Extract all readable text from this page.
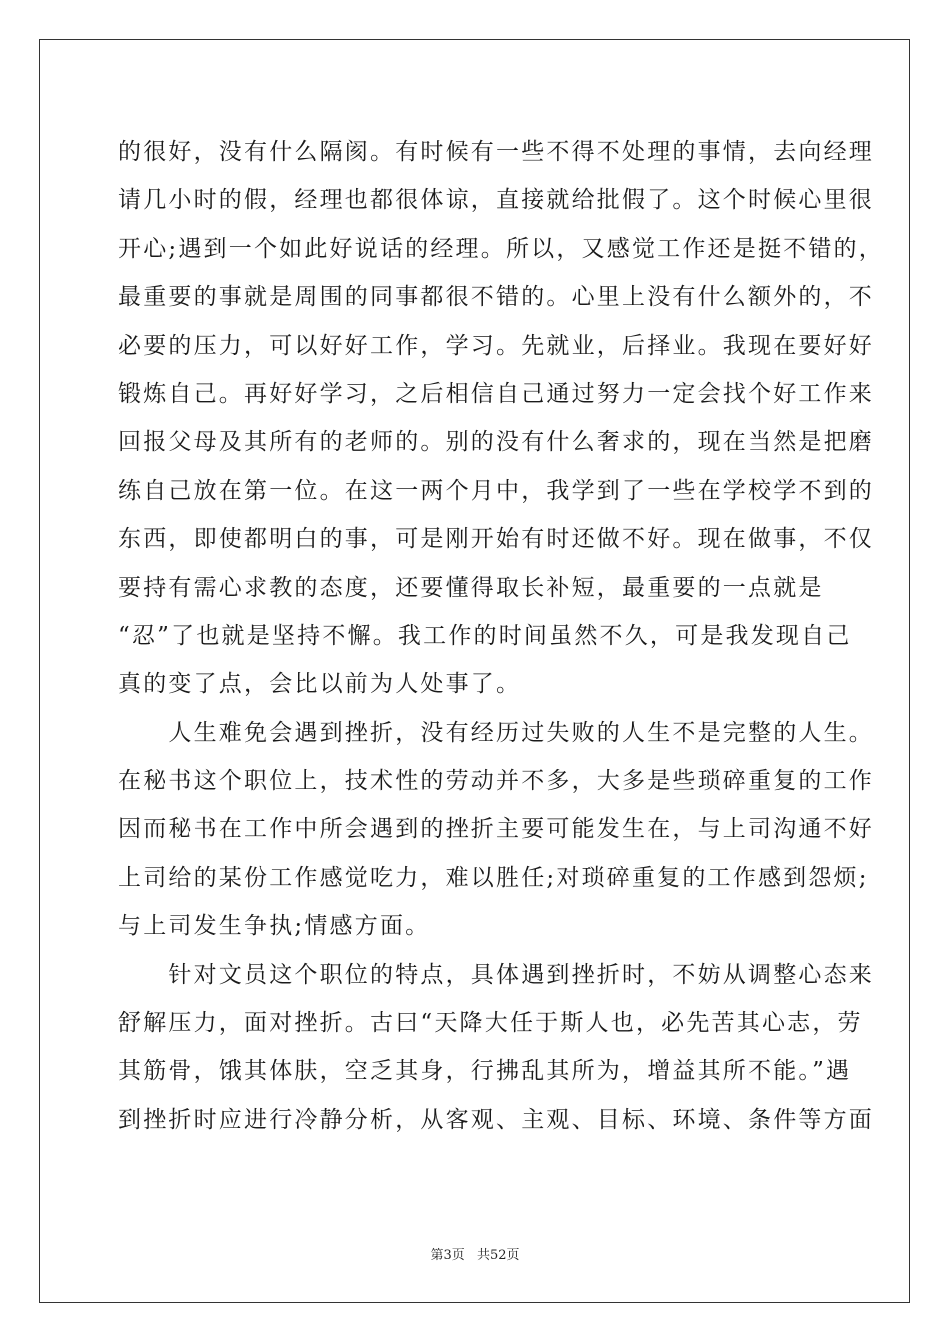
的很好，没有什么隔阂。有时候有一些不得不处理的事情，去向经理
请几小时的假，经理也都很体谅，直接就给批假了。这个时候心里很
开心;遇到一个如此好说话的经理。所以，又感觉工作还是挺不错的，
最重要的事就是周围的同事都很不错的。心里上没有什么额外的，不
必要的压力，可以好好工作，学习。先就业，后择业。我现在要好好
锻炼自己。再好好学习，之后相信自己通过努力一定会找个好工作来
回报父母及其所有的老师的。别的没有什么奢求的，现在当然是把磨
练自己放在第一位。在这一两个月中，我学到了一些在学校学不到的
东西，即使都明白的事，可是刚开始有时还做不好。现在做事，不仅
要持有需心求教的态度，还要懂得取长补短，最重要的一点就是
“忍”了也就是坚持不懈。我工作的时间虽然不久，可是我发现自己
真的变了点，会比以前为人处事了。
　　人生难免会遇到挫折，没有经历过失败的人生不是完整的人生。
在秘书这个职位上，技术性的劳动并不多，大多是些琐碎重复的工作
因而秘书在工作中所会遇到的挫折主要可能发生在，与上司沟通不好
上司给的某份工作感觉吃力，难以胜任;对琐碎重复的工作感到怨烦;
与上司发生争执;情感方面。
　　针对文员这个职位的特点，具体遇到挫折时，不妨从调整心态来
舒解压力，面对挫折。古曰“天降大任于斯人也，必先苦其心志，劳
其筋骨，饿其体肤，空乏其身，行拂乱其所为，增益其所不能。”遇
到挫折时应进行冷静分析，从客观、主观、目标、环境、条件等方面
第3页 共52页
